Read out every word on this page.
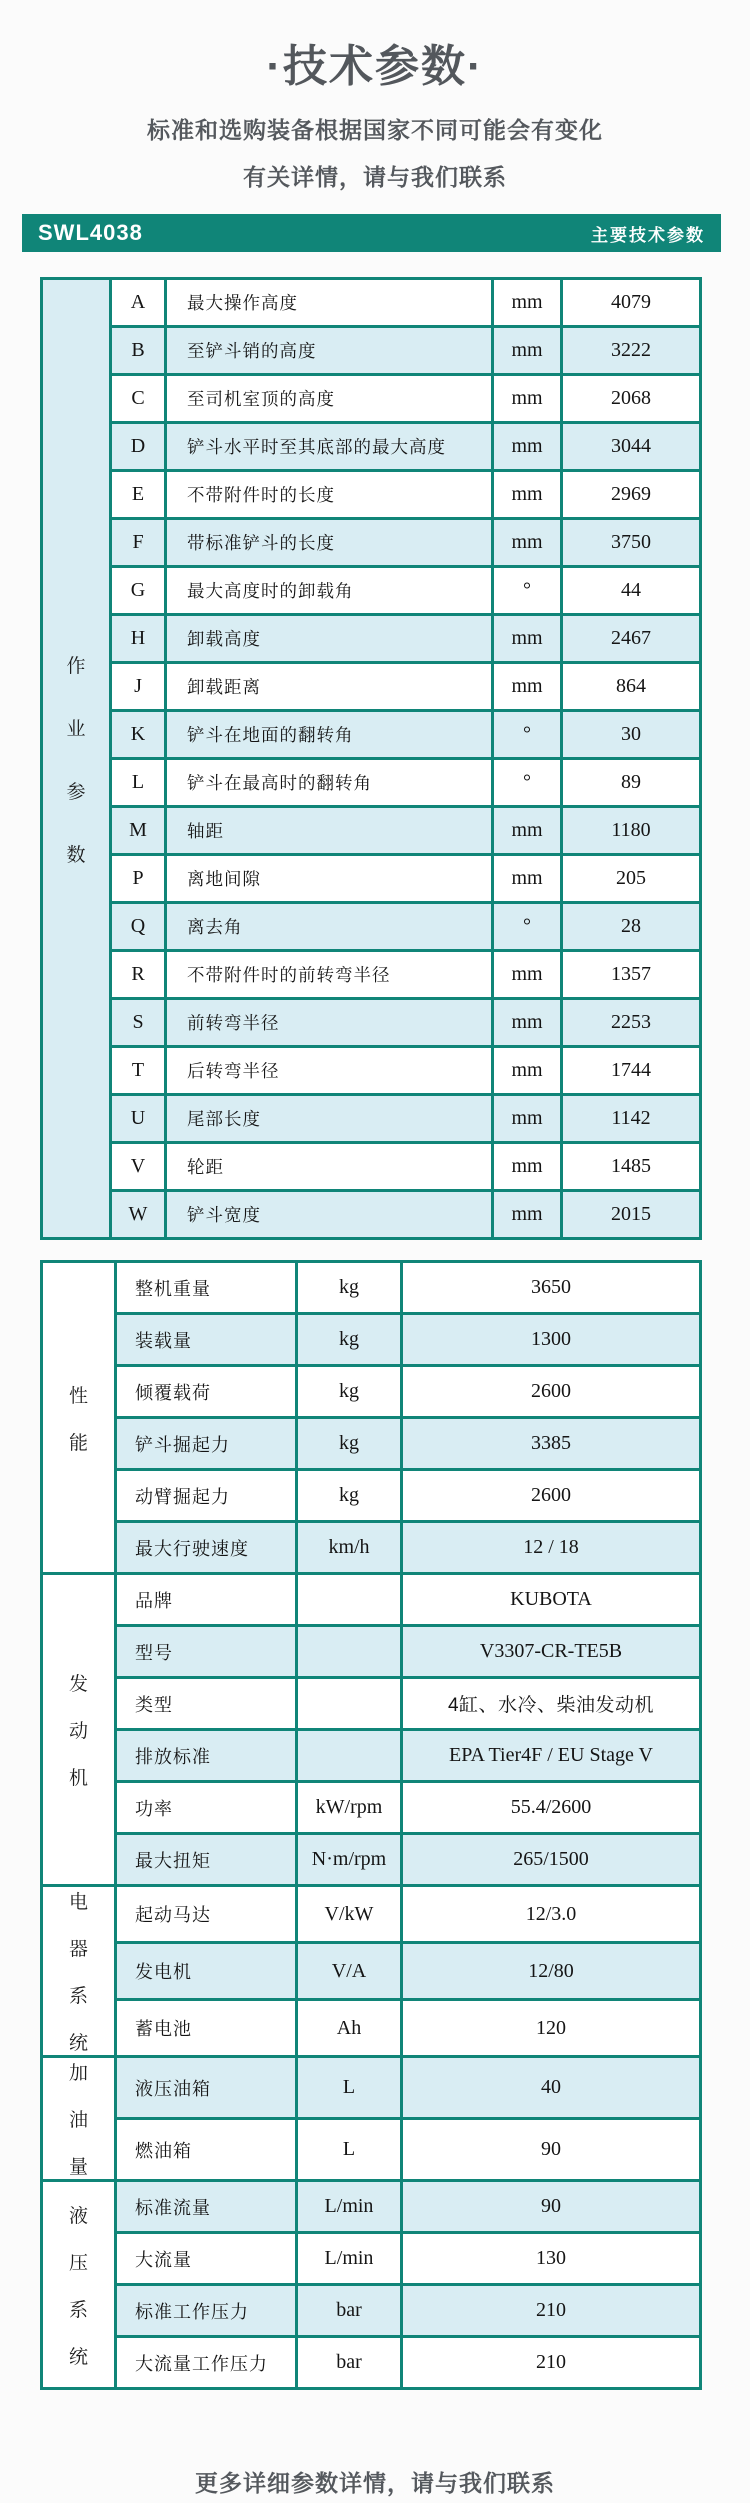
·技术参数·
标准和选购装备根据国家不同可能会有变化
有关详情，请与我们联系
SWL4038	主要技术参数
作
业
参
数	A	最大操作高度	mm	4079
	B	至铲斗销的高度	mm	3222
	C	至司机室顶的高度	mm	2068
	D	铲斗水平时至其底部的最大高度	mm	3044
	E	不带附件时的长度	mm	2969
	F	带标准铲斗的长度	mm	3750
	G	最大高度时的卸载角	°	44
	H	卸载高度	mm	2467
	J	卸载距离	mm	864
	K	铲斗在地面的翻转角	°	30
	L	铲斗在最高时的翻转角	°	89
	M	轴距	mm	1180
	P	离地间隙	mm	205
	Q	离去角	°	28
	R	不带附件时的前转弯半径	mm	1357
	S	前转弯半径	mm	2253
	T	后转弯半径	mm	1744
	U	尾部长度	mm	1142
	V	轮距	mm	1485
	W	铲斗宽度	mm	2015
性
能	整机重量	kg	3650
	装载量	kg	1300
	倾覆载荷	kg	2600
	铲斗掘起力	kg	3385
	动臂掘起力	kg	2600
	最大行驶速度	km/h	12 / 18

发
动
机	品牌		KUBOTA
	型号		V3307-CR-TE5B
	类型		4缸、水冷、柴油发动机
	排放标准		EPA Tier4F / EU Stage V
	功率	kW/rpm	55.4/2600
	最大扭矩	N·m/rpm	265/1500

电
器
系
统	起动马达	V/kW	12/3.0
	发电机	V/A	12/80
	蓄电池	Ah	120

加
油
量	液压油箱	L	40
	燃油箱	L	90

液
压
系
统	标准流量	L/min	90
	大流量	L/min	130
	标准工作压力	bar	210
	大流量工作压力	bar	210
更多详细参数详情，请与我们联系
